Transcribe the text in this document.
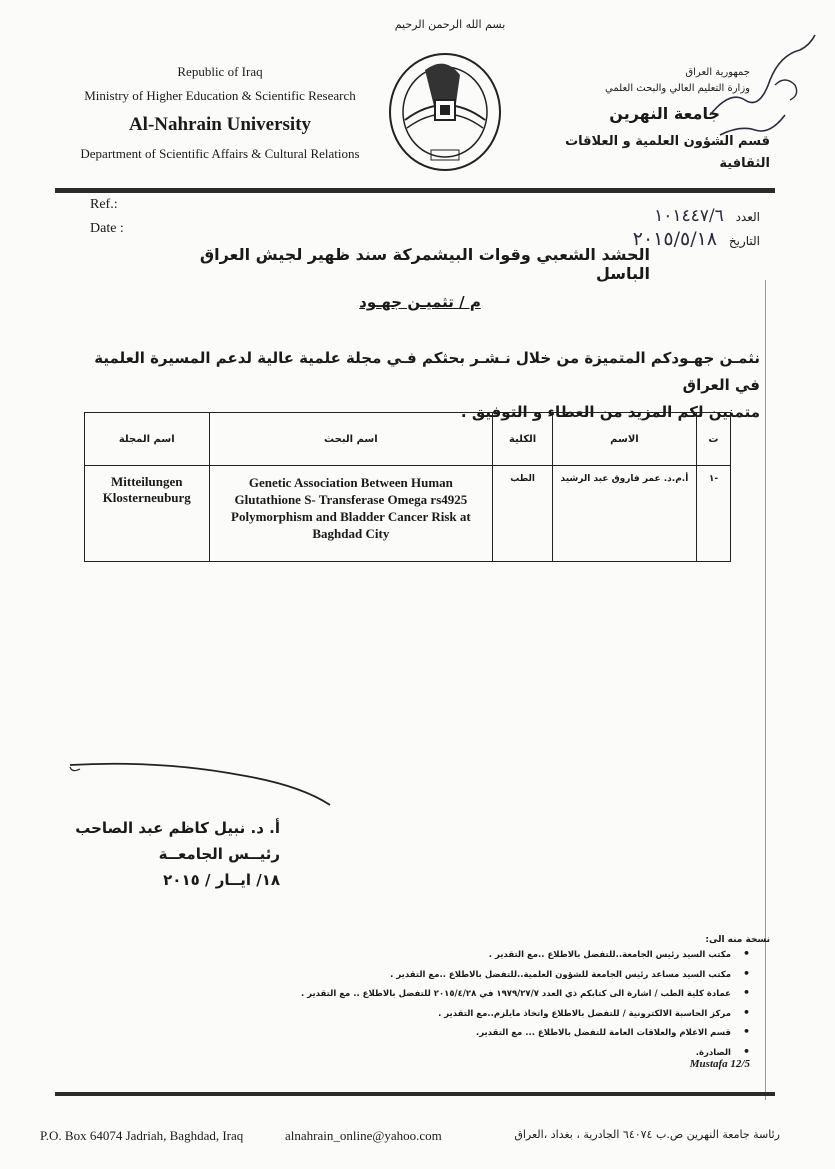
بسم الله الرحمن الرحيم
Republic of Iraq
Ministry of Higher Education & Scientific Research
Al-Nahrain University
Department of Scientific Affairs & Cultural Relations
جمهورية العراق
وزارة التعليم العالي والبحث العلمي
جامعة النهرين
قسم الشؤون العلمية و العلاقات الثقافية
Ref.:
Date :
العدد ١٠١٤٤٧/٦
التاريخ ٢٠١٥/٥/١٨
الحشد الشعبي وقوات البيشمركة سند ظهير لجيش العراق الباسل
م / تثميـن جهـود
نثمـن جهـودكم المتميزة من خلال نـشـر بحثكم فـي مجلة علمية عالية لدعم المسيرة العلمية في العراق
متمنين لكم المزيد من العطاء و التوفيق .
اسم المجلة	اسم البحث	الكلية	الاسم	ت
Mitteilungen Klosterneuburg	Genetic Association Between Human Glutathione S- Transferase Omega rs4925 Polymorphism and Bladder Cancer Risk at Baghdad City	الطب	أ.م.د. عمر فاروق عبد الرشيد	١-
أ. د. نبيل كاظم عبد الصاحب
رئيــس الجامعــة
١٨/ ايــار / ٢٠١٥
نسخة منه الى:
• مكتب السيد رئيس الجامعة..للتفضل بالاطلاع ..مع التقدير .
• مكتب السيد مساعد رئيس الجامعة للشؤون العلمية..للتفضل بالاطلاع ..مع التقدير .
• عمادة كلية الطب / اشارة الى كتابكم ذي العدد ١٩٧٩/٢٧/٧ في ٢٠١٥/٤/٢٨ للتفضل بالاطلاع .. مع التقدير .
• مركز الحاسبة الالكترونية / للتفضل بالاطلاع واتخاذ مايلزم..مع التقدير .
• قسم الاعلام والعلاقات العامة للتفضل بالاطلاع ... مع التقدير.
• الصادرة.
Mustafa 12/5
P.O. Box 64074 Jadriah, Baghdad, Iraq	alnahrain_online@yahoo.com	رئاسة جامعة النهرين ص.ب ٦٤٠٧٤ الجادرية ، بغداد ،العراق
